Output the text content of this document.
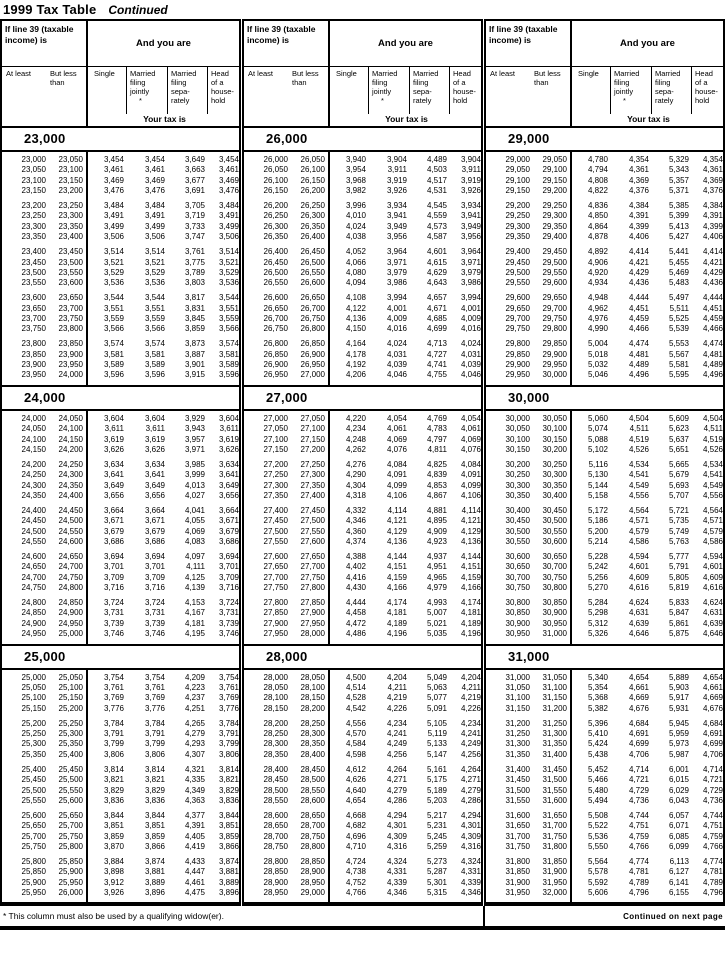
1999 Tax Table Continued
If line 39 (taxable income) is	And you are
At least	But less than
Single	Married
filing
jointly
*
Married
filing
sepa-
rately
Head
of a
house-
hold
Your tax is
23,000
23,000	23,050	3,454	3,454	3,649	3,454
23,050	23,100	3,461	3,461	3,663	3,461
23,100	23,150	3,469	3,469	3,677	3,469
23,150	23,200	3,476	3,476	3,691	3,476
23,200	23,250	3,484	3,484	3,705	3,484
23,250	23,300	3,491	3,491	3,719	3,491
23,300	23,350	3,499	3,499	3,733	3,499
23,350	23,400	3,506	3,506	3,747	3,506
23,400	23,450	3,514	3,514	3,761	3,514
23,450	23,500	3,521	3,521	3,775	3,521
23,500	23,550	3,529	3,529	3,789	3,529
23,550	23,600	3,536	3,536	3,803	3,536
23,600	23,650	3,544	3,544	3,817	3,544
23,650	23,700	3,551	3,551	3,831	3,551
23,700	23,750	3,559	3,559	3,845	3,559
23,750	23,800	3,566	3,566	3,859	3,566
23,800	23,850	3,574	3,574	3,873	3,574
23,850	23,900	3,581	3,581	3,887	3,581
23,900	23,950	3,589	3,589	3,901	3,589
23,950	24,000	3,596	3,596	3,915	3,596
24,000
24,000	24,050	3,604	3,604	3,929	3,604
24,050	24,100	3,611	3,611	3,943	3,611
24,100	24,150	3,619	3,619	3,957	3,619
24,150	24,200	3,626	3,626	3,971	3,626
24,200	24,250	3,634	3,634	3,985	3,634
24,250	24,300	3,641	3,641	3,999	3,641
24,300	24,350	3,649	3,649	4,013	3,649
24,350	24,400	3,656	3,656	4,027	3,656
24,400	24,450	3,664	3,664	4,041	3,664
24,450	24,500	3,671	3,671	4,055	3,671
24,500	24,550	3,679	3,679	4,069	3,679
24,550	24,600	3,686	3,686	4,083	3,686
24,600	24,650	3,694	3,694	4,097	3,694
24,650	24,700	3,701	3,701	4,111	3,701
24,700	24,750	3,709	3,709	4,125	3,709
24,750	24,800	3,716	3,716	4,139	3,716
24,800	24,850	3,724	3,724	4,153	3,724
24,850	24,900	3,731	3,731	4,167	3,731
24,900	24,950	3,739	3,739	4,181	3,739
24,950	25,000	3,746	3,746	4,195	3,746
25,000
25,000	25,050	3,754	3,754	4,209	3,754
25,050	25,100	3,761	3,761	4,223	3,761
25,100	25,150	3,769	3,769	4,237	3,769
25,150	25,200	3,776	3,776	4,251	3,776
25,200	25,250	3,784	3,784	4,265	3,784
25,250	25,300	3,791	3,791	4,279	3,791
25,300	25,350	3,799	3,799	4,293	3,799
25,350	25,400	3,806	3,806	4,307	3,806
25,400	25,450	3,814	3,814	4,321	3,814
25,450	25,500	3,821	3,821	4,335	3,821
25,500	25,550	3,829	3,829	4,349	3,829
25,550	25,600	3,836	3,836	4,363	3,836
25,600	25,650	3,844	3,844	4,377	3,844
25,650	25,700	3,851	3,851	4,391	3,851
25,700	25,750	3,859	3,859	4,405	3,859
25,750	25,800	3,870	3,866	4,419	3,866
25,800	25,850	3,884	3,874	4,433	3,874
25,850	25,900	3,898	3,881	4,447	3,881
25,900	25,950	3,912	3,889	4,461	3,889
25,950	26,000	3,926	3,896	4,475	3,896
If line 39 (taxable income) is	And you are
At least	But less than
Single	Married
filing
jointly
*
Married
filing
sepa-
rately
Head
of a
house-
hold
Your tax is
26,000
26,000	26,050	3,940	3,904	4,489	3,904
26,050	26,100	3,954	3,911	4,503	3,911
26,100	26,150	3,968	3,919	4,517	3,919
26,150	26,200	3,982	3,926	4,531	3,926
26,200	26,250	3,996	3,934	4,545	3,934
26,250	26,300	4,010	3,941	4,559	3,941
26,300	26,350	4,024	3,949	4,573	3,949
26,350	26,400	4,038	3,956	4,587	3,956
26,400	26,450	4,052	3,964	4,601	3,964
26,450	26,500	4,066	3,971	4,615	3,971
26,500	26,550	4,080	3,979	4,629	3,979
26,550	26,600	4,094	3,986	4,643	3,986
26,600	26,650	4,108	3,994	4,657	3,994
26,650	26,700	4,122	4,001	4,671	4,001
26,700	26,750	4,136	4,009	4,685	4,009
26,750	26,800	4,150	4,016	4,699	4,016
26,800	26,850	4,164	4,024	4,713	4,024
26,850	26,900	4,178	4,031	4,727	4,031
26,900	26,950	4,192	4,039	4,741	4,039
26,950	27,000	4,206	4,046	4,755	4,046
27,000
27,000	27,050	4,220	4,054	4,769	4,054
27,050	27,100	4,234	4,061	4,783	4,061
27,100	27,150	4,248	4,069	4,797	4,069
27,150	27,200	4,262	4,076	4,811	4,076
27,200	27,250	4,276	4,084	4,825	4,084
27,250	27,300	4,290	4,091	4,839	4,091
27,300	27,350	4,304	4,099	4,853	4,099
27,350	27,400	4,318	4,106	4,867	4,106
27,400	27,450	4,332	4,114	4,881	4,114
27,450	27,500	4,346	4,121	4,895	4,121
27,500	27,550	4,360	4,129	4,909	4,129
27,550	27,600	4,374	4,136	4,923	4,136
27,600	27,650	4,388	4,144	4,937	4,144
27,650	27,700	4,402	4,151	4,951	4,151
27,700	27,750	4,416	4,159	4,965	4,159
27,750	27,800	4,430	4,166	4,979	4,166
27,800	27,850	4,444	4,174	4,993	4,174
27,850	27,900	4,458	4,181	5,007	4,181
27,900	27,950	4,472	4,189	5,021	4,189
27,950	28,000	4,486	4,196	5,035	4,196
28,000
28,000	28,050	4,500	4,204	5,049	4,204
28,050	28,100	4,514	4,211	5,063	4,211
28,100	28,150	4,528	4,219	5,077	4,219
28,150	28,200	4,542	4,226	5,091	4,226
28,200	28,250	4,556	4,234	5,105	4,234
28,250	28,300	4,570	4,241	5,119	4,241
28,300	28,350	4,584	4,249	5,133	4,249
28,350	28,400	4,598	4,256	5,147	4,256
28,400	28,450	4,612	4,264	5,161	4,264
28,450	28,500	4,626	4,271	5,175	4,271
28,500	28,550	4,640	4,279	5,189	4,279
28,550	28,600	4,654	4,286	5,203	4,286
28,600	28,650	4,668	4,294	5,217	4,294
28,650	28,700	4,682	4,301	5,231	4,301
28,700	28,750	4,696	4,309	5,245	4,309
28,750	28,800	4,710	4,316	5,259	4,316
28,800	28,850	4,724	4,324	5,273	4,324
28,850	28,900	4,738	4,331	5,287	4,331
28,900	28,950	4,752	4,339	5,301	4,339
28,950	29,000	4,766	4,346	5,315	4,346
If line 39 (taxable income) is	And you are
At least	But less than
Single	Married
filing
jointly
*
Married
filing
sepa-
rately
Head
of a
house-
hold
Your tax is
29,000
29,000	29,050	4,780	4,354	5,329	4,354
29,050	29,100	4,794	4,361	5,343	4,361
29,100	29,150	4,808	4,369	5,357	4,369
29,150	29,200	4,822	4,376	5,371	4,376
29,200	29,250	4,836	4,384	5,385	4,384
29,250	29,300	4,850	4,391	5,399	4,391
29,300	29,350	4,864	4,399	5,413	4,399
29,350	29,400	4,878	4,406	5,427	4,406
29,400	29,450	4,892	4,414	5,441	4,414
29,450	29,500	4,906	4,421	5,455	4,421
29,500	29,550	4,920	4,429	5,469	4,429
29,550	29,600	4,934	4,436	5,483	4,436
29,600	29,650	4,948	4,444	5,497	4,444
29,650	29,700	4,962	4,451	5,511	4,451
29,700	29,750	4,976	4,459	5,525	4,459
29,750	29,800	4,990	4,466	5,539	4,466
29,800	29,850	5,004	4,474	5,553	4,474
29,850	29,900	5,018	4,481	5,567	4,481
29,900	29,950	5,032	4,489	5,581	4,489
29,950	30,000	5,046	4,496	5,595	4,496
30,000
30,000	30,050	5,060	4,504	5,609	4,504
30,050	30,100	5,074	4,511	5,623	4,511
30,100	30,150	5,088	4,519	5,637	4,519
30,150	30,200	5,102	4,526	5,651	4,526
30,200	30,250	5,116	4,534	5,665	4,534
30,250	30,300	5,130	4,541	5,679	4,541
30,300	30,350	5,144	4,549	5,693	4,549
30,350	30,400	5,158	4,556	5,707	4,556
30,400	30,450	5,172	4,564	5,721	4,564
30,450	30,500	5,186	4,571	5,735	4,571
30,500	30,550	5,200	4,579	5,749	4,579
30,550	30,600	5,214	4,586	5,763	4,586
30,600	30,650	5,228	4,594	5,777	4,594
30,650	30,700	5,242	4,601	5,791	4,601
30,700	30,750	5,256	4,609	5,805	4,609
30,750	30,800	5,270	4,616	5,819	4,616
30,800	30,850	5,284	4,624	5,833	4,624
30,850	30,900	5,298	4,631	5,847	4,631
30,900	30,950	5,312	4,639	5,861	4,639
30,950	31,000	5,326	4,646	5,875	4,646
31,000
31,000	31,050	5,340	4,654	5,889	4,654
31,050	31,100	5,354	4,661	5,903	4,661
31,100	31,150	5,368	4,669	5,917	4,669
31,150	31,200	5,382	4,676	5,931	4,676
31,200	31,250	5,396	4,684	5,945	4,684
31,250	31,300	5,410	4,691	5,959	4,691
31,300	31,350	5,424	4,699	5,973	4,699
31,350	31,400	5,438	4,706	5,987	4,706
31,400	31,450	5,452	4,714	6,001	4,714
31,450	31,500	5,466	4,721	6,015	4,721
31,500	31,550	5,480	4,729	6,029	4,729
31,550	31,600	5,494	4,736	6,043	4,736
31,600	31,650	5,508	4,744	6,057	4,744
31,650	31,700	5,522	4,751	6,071	4,751
31,700	31,750	5,536	4,759	6,085	4,759
31,750	31,800	5,550	4,766	6,099	4,766
31,800	31,850	5,564	4,774	6,113	4,774
31,850	31,900	5,578	4,781	6,127	4,781
31,900	31,950	5,592	4,789	6,141	4,789
31,950	32,000	5,606	4,796	6,155	4,796
* This column must also be used by a qualifying widow(er).	Continued on next page
